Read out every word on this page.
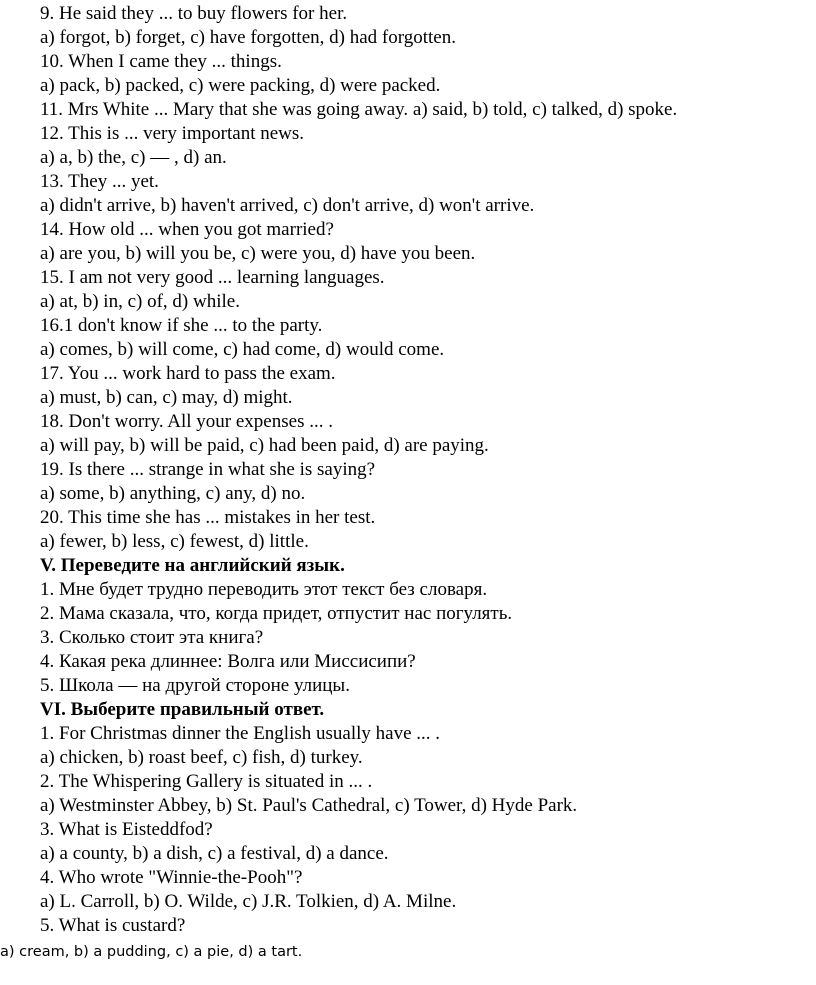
9. He said they ... to buy flowers for her.
a) forgot, b) forget, c) have forgotten, d) had forgotten.
10. When I came they ... things.
a) pack, b) packed, c) were packing, d) were packed.
11. Mrs White ... Mary that she was going away. a) said, b) told, c) talked, d) spoke.
12. This is ... very important news.
a) a, b) the, c) — , d) an.
13. They ... yet.
a) didn't arrive, b) haven't arrived, c) don't arrive, d) won't arrive.
14. How old ... when you got married?
a) are you, b) will you be, c) were you, d) have you been.
15. I am not very good ... learning languages.
a) at, b) in, c) of, d) while.
16.1 don't know if she ... to the party.
a) comes, b) will come, c) had come, d) would come.
17. You ... work hard to pass the exam.
a) must, b) can, c) may, d) might.
18. Don't worry. All your expenses ... .
a) will pay, b) will be paid, c) had been paid, d) are paying.
19. Is there ... strange in what she is saying?
a) some, b) anything, c) any, d) no.
20. This time she has ... mistakes in her test.
a) fewer, b) less, c) fewest, d) little.
V. Переведите на английский язык.
1. Мне будет трудно переводить этот текст без словаря.
2. Мама сказала, что, когда придет, отпустит нас погулять.
3. Сколько стоит эта книга?
4. Какая река длиннее: Волга или Миссисипи?
5. Школа — на другой стороне улицы.
VI. Выберите правильный ответ.
1. For Christmas dinner the English usually have ... .
a) chicken, b) roast beef, c) fish, d) turkey.
2. The Whispering Gallery is situated in ... .
a) Westminster Abbey, b) St. Paul's Cathedral, c) Tower, d) Hyde Park.
3. What is Eisteddfod?
a) a county, b) a dish, c) a festival, d) a dance.
4. Who wrote "Winnie-the-Pooh"?
a) L. Carroll, b) O. Wilde, c) J.R. Tolkien, d) A. Milne.
5. What is custard?
a) cream, b) a pudding, c) a pie, d) a tart.
